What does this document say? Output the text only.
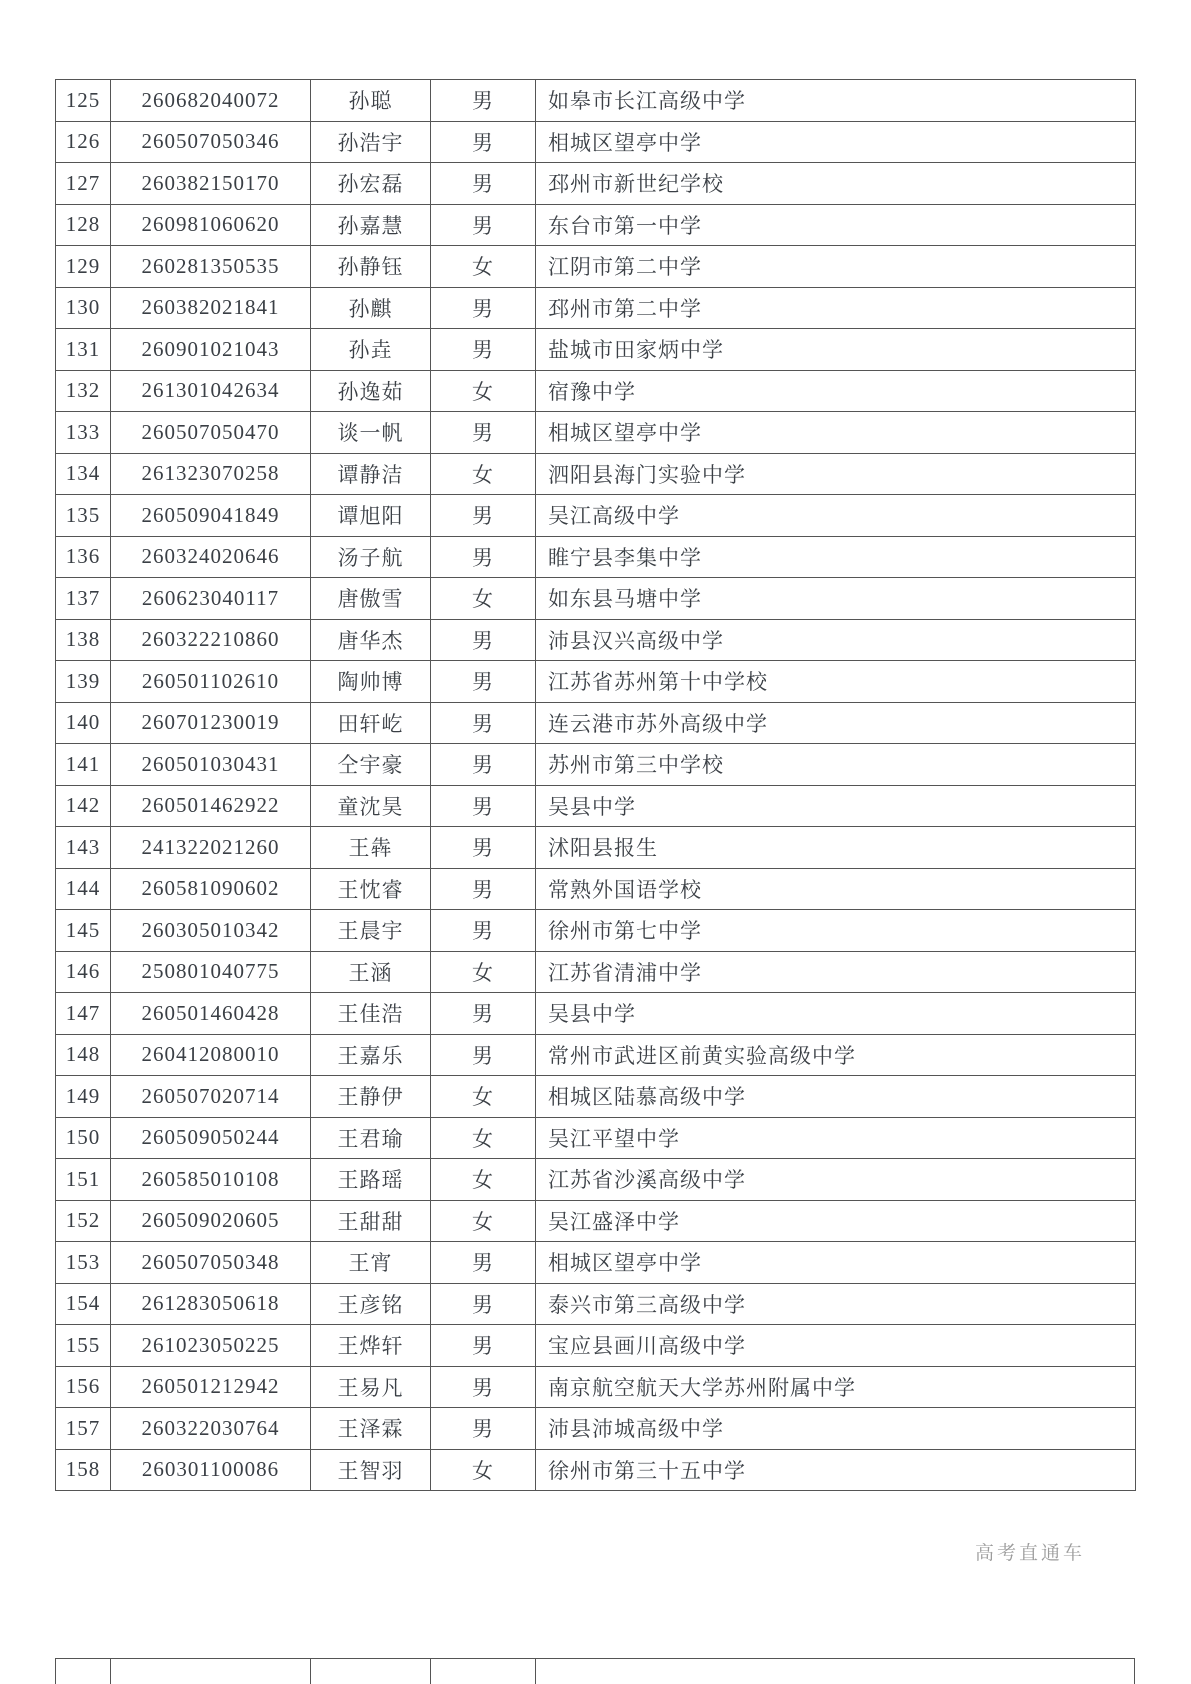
125	260682040072	孙聪	男	如皋市长江高级中学
126	260507050346	孙浩宇	男	相城区望亭中学
127	260382150170	孙宏磊	男	邳州市新世纪学校
128	260981060620	孙嘉慧	男	东台市第一中学
129	260281350535	孙静钰	女	江阴市第二中学
130	260382021841	孙麒	男	邳州市第二中学
131	260901021043	孙垚	男	盐城市田家炳中学
132	261301042634	孙逸茹	女	宿豫中学
133	260507050470	谈一帆	男	相城区望亭中学
134	261323070258	谭静洁	女	泗阳县海门实验中学
135	260509041849	谭旭阳	男	吴江高级中学
136	260324020646	汤子航	男	睢宁县李集中学
137	260623040117	唐傲雪	女	如东县马塘中学
138	260322210860	唐华杰	男	沛县汉兴高级中学
139	260501102610	陶帅博	男	江苏省苏州第十中学校
140	260701230019	田轩屹	男	连云港市苏外高级中学
141	260501030431	仝宇豪	男	苏州市第三中学校
142	260501462922	童沈昊	男	吴县中学
143	241322021260	王犇	男	沭阳县报生
144	260581090602	王忱睿	男	常熟外国语学校
145	260305010342	王晨宇	男	徐州市第七中学
146	250801040775	王涵	女	江苏省清浦中学
147	260501460428	王佳浩	男	吴县中学
148	260412080010	王嘉乐	男	常州市武进区前黄实验高级中学
149	260507020714	王静伊	女	相城区陆慕高级中学
150	260509050244	王君瑜	女	吴江平望中学
151	260585010108	王路瑶	女	江苏省沙溪高级中学
152	260509020605	王甜甜	女	吴江盛泽中学
153	260507050348	王宵	男	相城区望亭中学
154	261283050618	王彦铭	男	泰兴市第三高级中学
155	261023050225	王烨轩	男	宝应县画川高级中学
156	260501212942	王易凡	男	南京航空航天大学苏州附属中学
157	260322030764	王泽霖	男	沛县沛城高级中学
158	260301100086	王智羽	女	徐州市第三十五中学
高考直通车
